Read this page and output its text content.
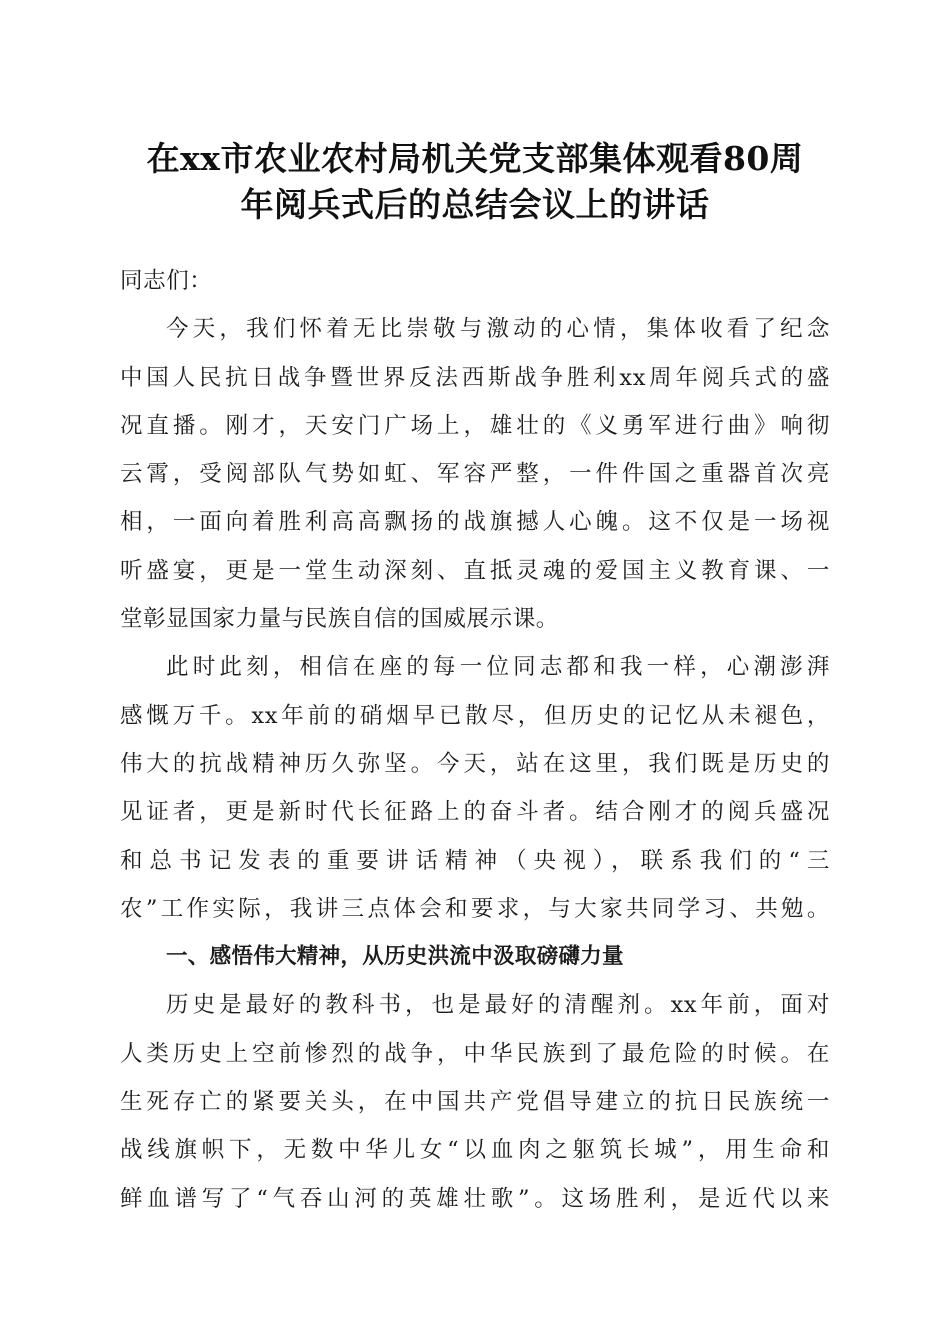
在xx市农业农村局机关党支部集体观看80周
年阅兵式后的总结会议上的讲话
同志们：
今天，我们怀着无比崇敬与激动的心情，集体收看了纪念
中国人民抗日战争暨世界反法西斯战争胜利xx周年阅兵式的盛
况直播。刚才，天安门广场上，雄壮的《义勇军进行曲》响彻
云霄，受阅部队气势如虹、军容严整，一件件国之重器首次亮
相，一面向着胜利高高飘扬的战旗撼人心魄。这不仅是一场视
听盛宴，更是一堂生动深刻、直抵灵魂的爱国主义教育课、一
堂彰显国家力量与民族自信的国威展示课。
此时此刻，相信在座的每一位同志都和我一样，心潮澎湃
感慨万千。xx年前的硝烟早已散尽，但历史的记忆从未褪色，
伟大的抗战精神历久弥坚。今天，站在这里，我们既是历史的
见证者，更是新时代长征路上的奋斗者。结合刚才的阅兵盛况
和总书记发表的重要讲话精神（央视），联系我们的“三
农”工作实际，我讲三点体会和要求，与大家共同学习、共勉。
一、感悟伟大精神，从历史洪流中汲取磅礴力量
历史是最好的教科书，也是最好的清醒剂。xx年前，面对
人类历史上空前惨烈的战争，中华民族到了最危险的时候。在
生死存亡的紧要关头，在中国共产党倡导建立的抗日民族统一
战线旗帜下，无数中华儿女“以血肉之躯筑长城”，用生命和
鲜血谱写了“气吞山河的英雄壮歌”。这场胜利，是近代以来
